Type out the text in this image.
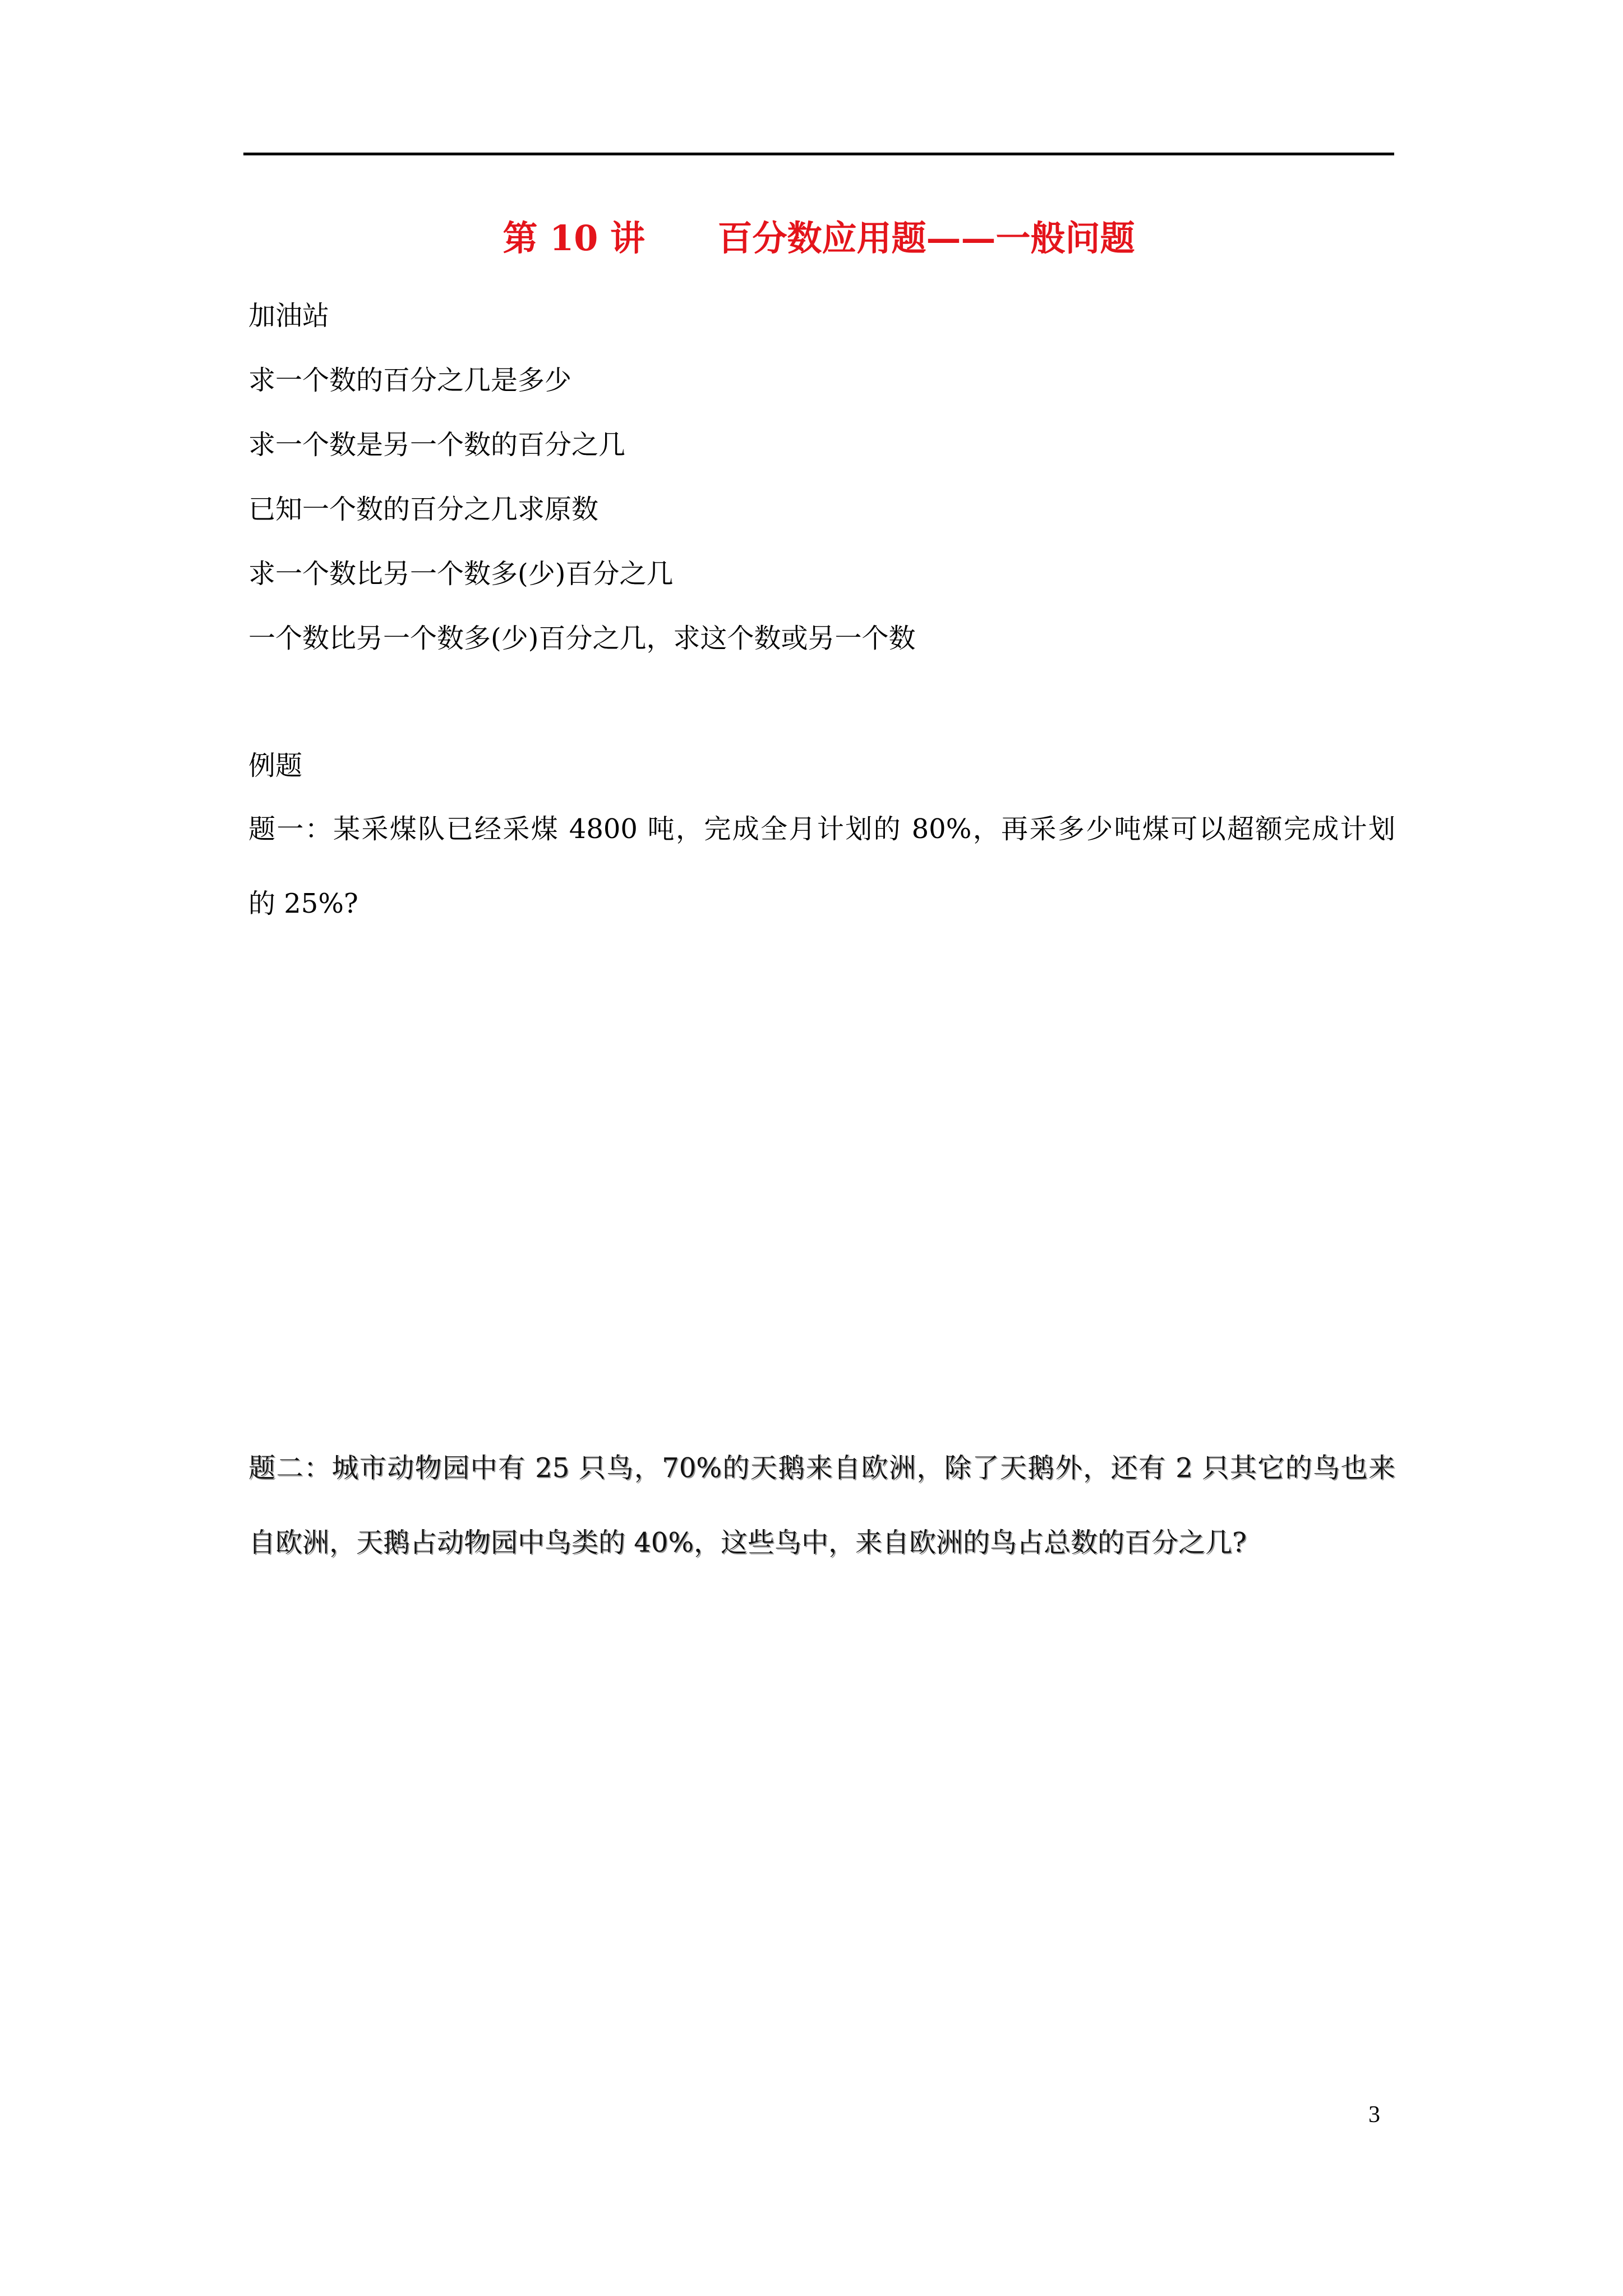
第 10 讲      百分数应用题——一般问题
加油站
求一个数的百分之几是多少
求一个数是另一个数的百分之几
已知一个数的百分之几求原数
求一个数比另一个数多(少)百分之几
一个数比另一个数多(少)百分之几，求这个数或另一个数
例题
题一：某采煤队已经采煤 4800 吨，完成全月计划的 80%，再采多少吨煤可以超额完成计划
的 25%?
题二：城市动物园中有 25 只鸟，70%的天鹅来自欧洲，除了天鹅外，还有 2 只其它的鸟也来
自欧洲，天鹅占动物园中鸟类的 40%，这些鸟中，来自欧洲的鸟占总数的百分之几?
3
